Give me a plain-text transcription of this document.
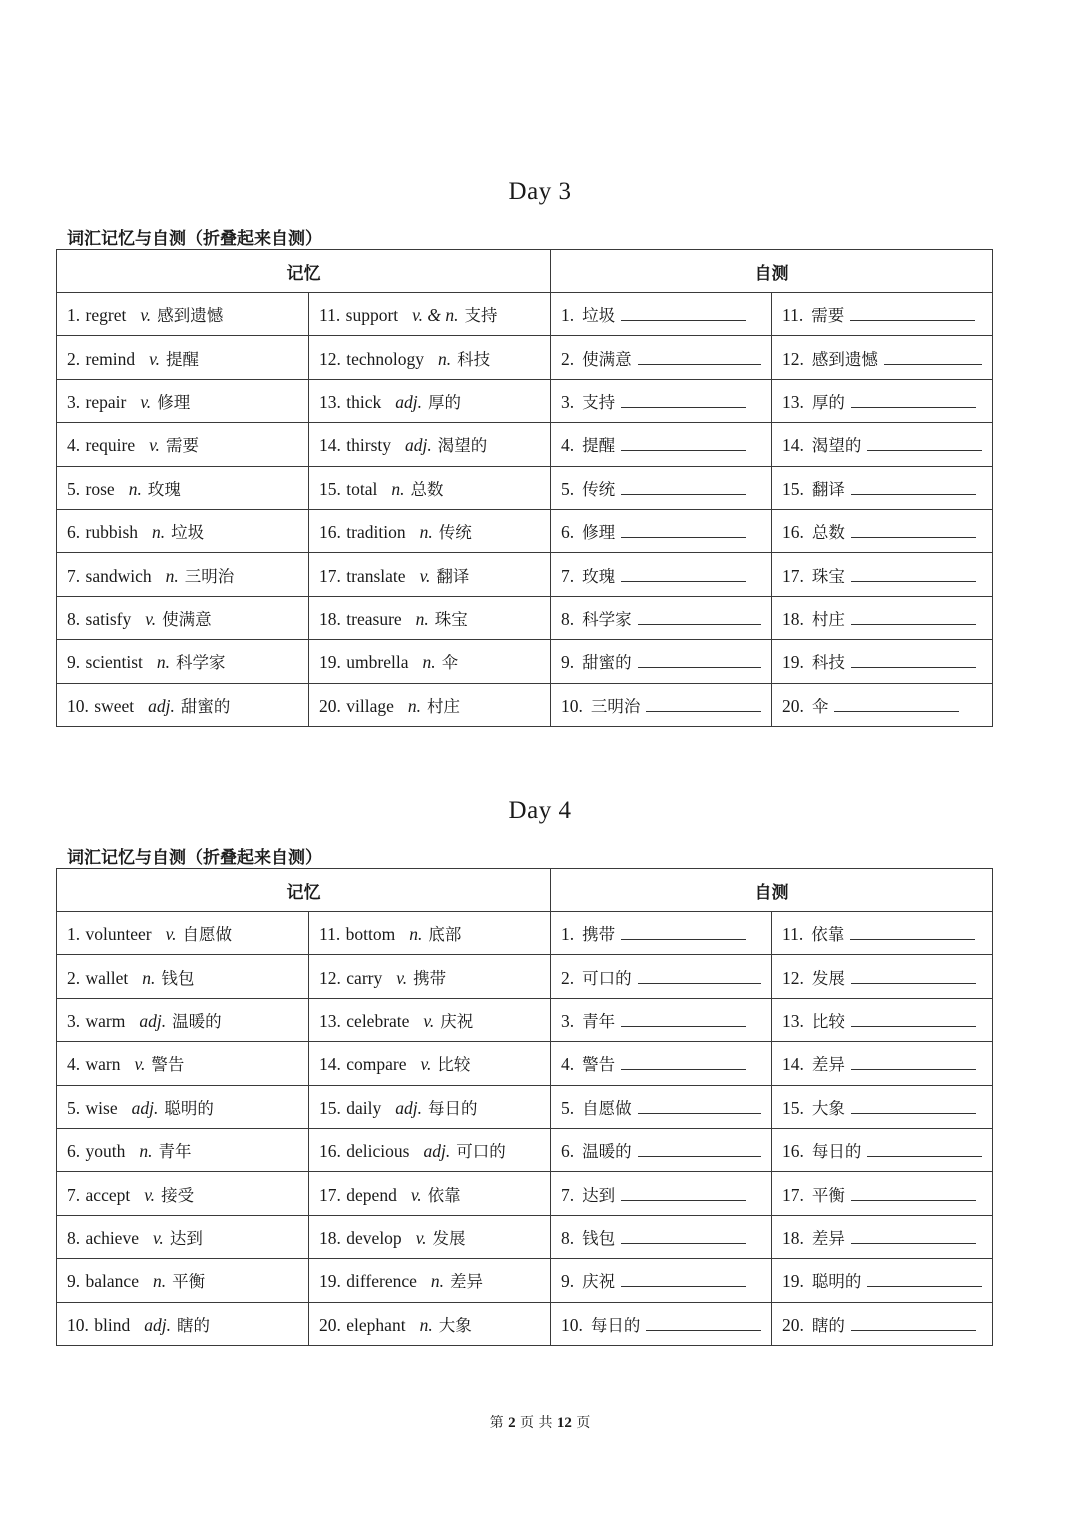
Day 3
词汇记忆与自测（折叠起来自测）
记忆		自测	
1. regret v. 感到遗憾	11. support v. & n. 支持	1. 垃圾	11. 需要
2. remind v. 提醒	12. technology n. 科技	2. 使满意	12. 感到遗憾
3. repair v. 修理	13. thick adj. 厚的	3. 支持	13. 厚的
4. require v. 需要	14. thirsty adj. 渴望的	4. 提醒	14. 渴望的
5. rose n. 玫瑰	15. total n. 总数	5. 传统	15. 翻译
6. rubbish n. 垃圾	16. tradition n. 传统	6. 修理	16. 总数
7. sandwich n. 三明治	17. translate v. 翻译	7. 玫瑰	17. 珠宝
8. satisfy v. 使满意	18. treasure n. 珠宝	8. 科学家	18. 村庄
9. scientist n. 科学家	19. umbrella n. 伞	9. 甜蜜的	19. 科技
10. sweet adj. 甜蜜的	20. village n. 村庄	10. 三明治	20. 伞
Day 4
词汇记忆与自测（折叠起来自测）
记忆		自测	
1. volunteer v. 自愿做	11. bottom n. 底部	1. 携带	11. 依靠
2. wallet n. 钱包	12. carry v. 携带	2. 可口的	12. 发展
3. warm adj. 温暖的	13. celebrate v. 庆祝	3. 青年	13. 比较
4. warn v. 警告	14. compare v. 比较	4. 警告	14. 差异
5. wise adj. 聪明的	15. daily adj. 每日的	5. 自愿做	15. 大象
6. youth n. 青年	16. delicious adj. 可口的	6. 温暖的	16. 每日的
7. accept v. 接受	17. depend v. 依靠	7. 达到	17. 平衡
8. achieve v. 达到	18. develop v. 发展	8. 钱包	18. 差异
9. balance n. 平衡	19. difference n. 差异	9. 庆祝	19. 聪明的
10. blind adj. 瞎的	20. elephant n. 大象	10. 每日的	20. 瞎的
第 2 页 共 12 页
